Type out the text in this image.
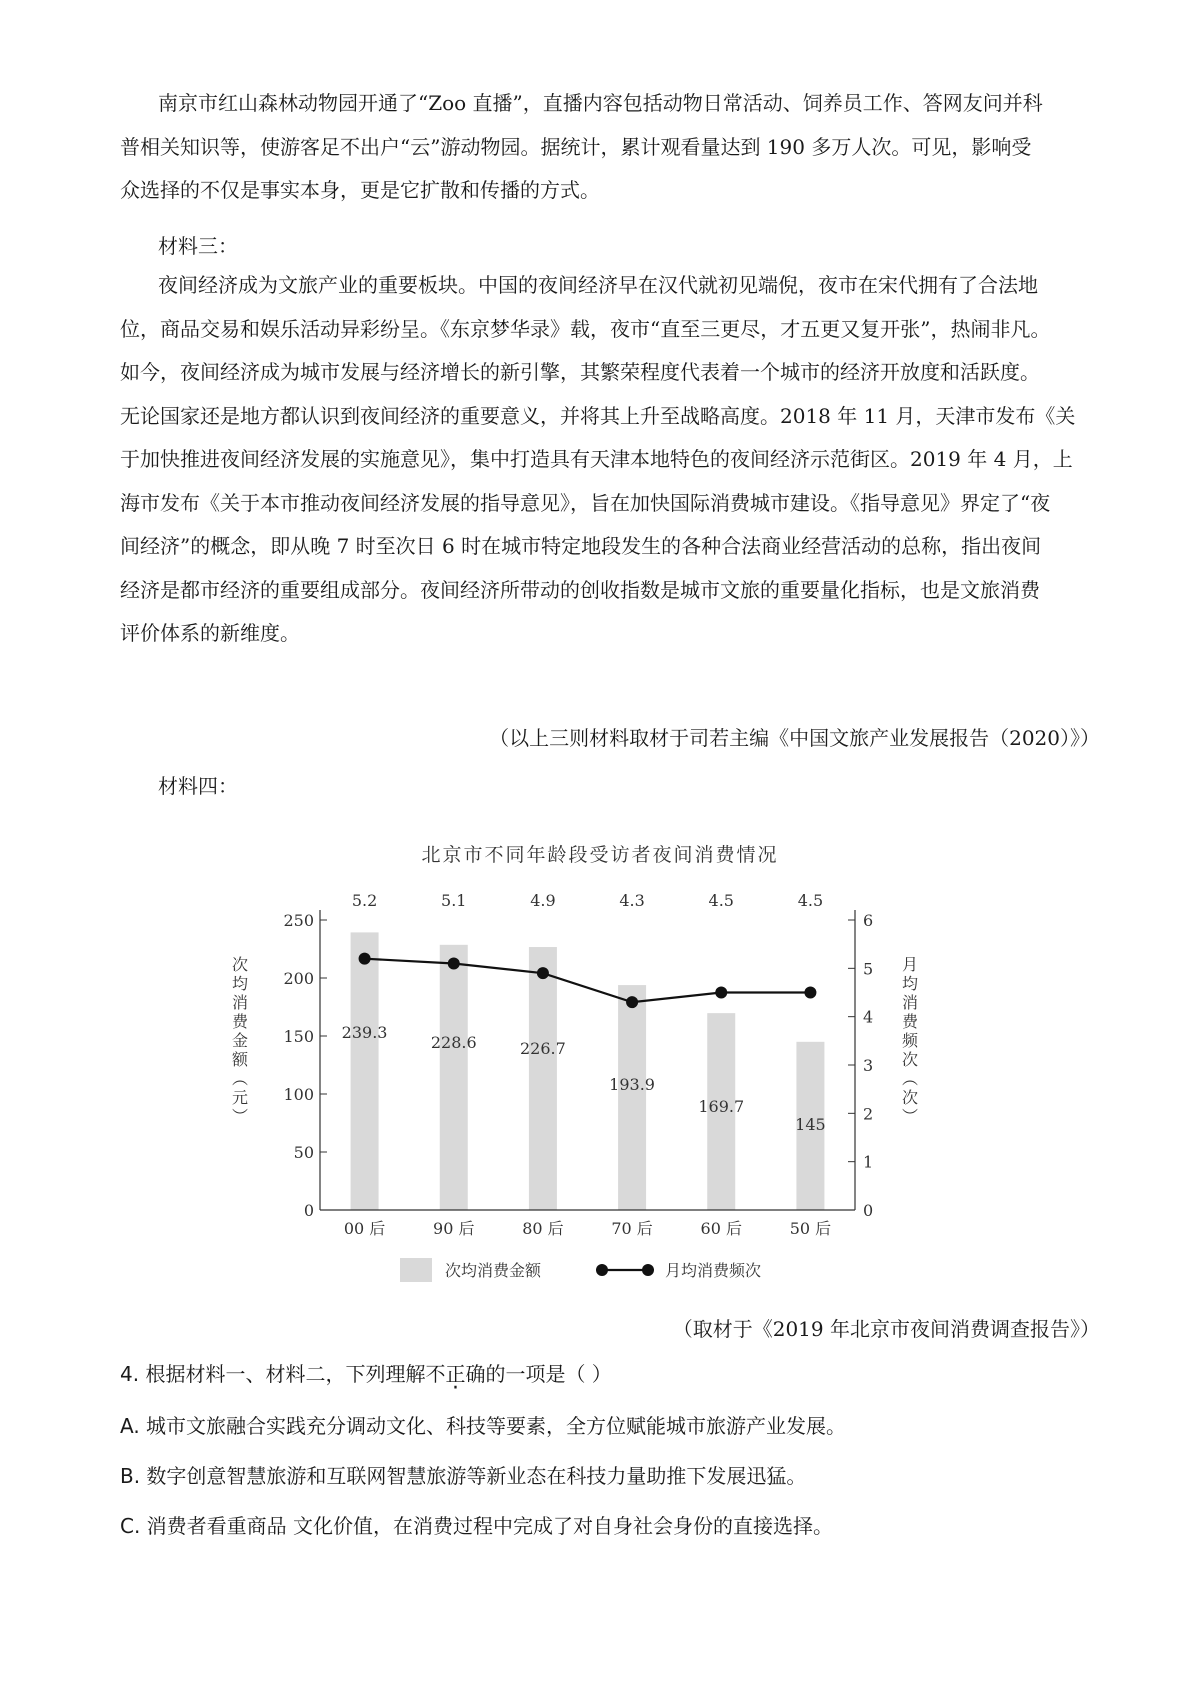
南京市红山森林动物园开通了“Zoo 直播”，直播内容包括动物日常活动、饲养员工作、答网友问并科
普相关知识等，使游客足不出户“云”游动物园。据统计，累计观看量达到 190 多万人次。可见，影响受
众选择的不仅是事实本身，更是它扩散和传播的方式。

材料三：

夜间经济成为文旅产业的重要板块。中国的夜间经济早在汉代就初见端倪，夜市在宋代拥有了合法地
位，商品交易和娱乐活动异彩纷呈。《东京梦华录》载，夜市“直至三更尽，才五更又复开张”，热闹非凡。
如今，夜间经济成为城市发展与经济增长的新引擎，其繁荣程度代表着一个城市的经济开放度和活跃度。
无论国家还是地方都认识到夜间经济的重要意义，并将其上升至战略高度。2018 年 11 月，天津市发布《关
于加快推进夜间经济发展的实施意见》，集中打造具有天津本地特色的夜间经济示范街区。2019 年 4 月，上
海市发布《关于本市推动夜间经济发展的指导意见》，旨在加快国际消费城市建设。《指导意见》界定了“夜
间经济”的概念，即从晚 7 时至次日 6 时在城市特定地段发生的各种合法商业经营活动的总称，指出夜间
经济是都市经济的重要组成部分。夜间经济所带动的创收指数是城市文旅的重要量化指标，也是文旅消费
评价体系的新维度。

（以上三则材料取材于司若主编《中国文旅产业发展报告（2020）》）

材料四：

北京市不同年龄段受访者夜间消费情况
0
50
100
150
200
250
0
1
2
3
4
5
6
00 后	90 后	80 后	70 后	60 后	50 后
239.3
228.6	226.7
193.9
169.7
145
5.2	5.1	4.9	4.3	4.5	4.5
次均消费金额︵元︶
月均消费频次︵次︶
次均消费金额	月均消费频次
（取材于《2019 年北京市夜间消费调查报告》）

4. 根据材料一、材料二，下列理解不正确的一项是（ ）

A. 城市文旅融合实践充分调动文化、科技等要素，全方位赋能城市旅游产业发展。

B. 数字创意智慧旅游和互联网智慧旅游等新业态在科技力量助推下发展迅猛。

C. 消费者看重商品 文化价值，在消费过程中完成了对自身社会身份的直接选择。
